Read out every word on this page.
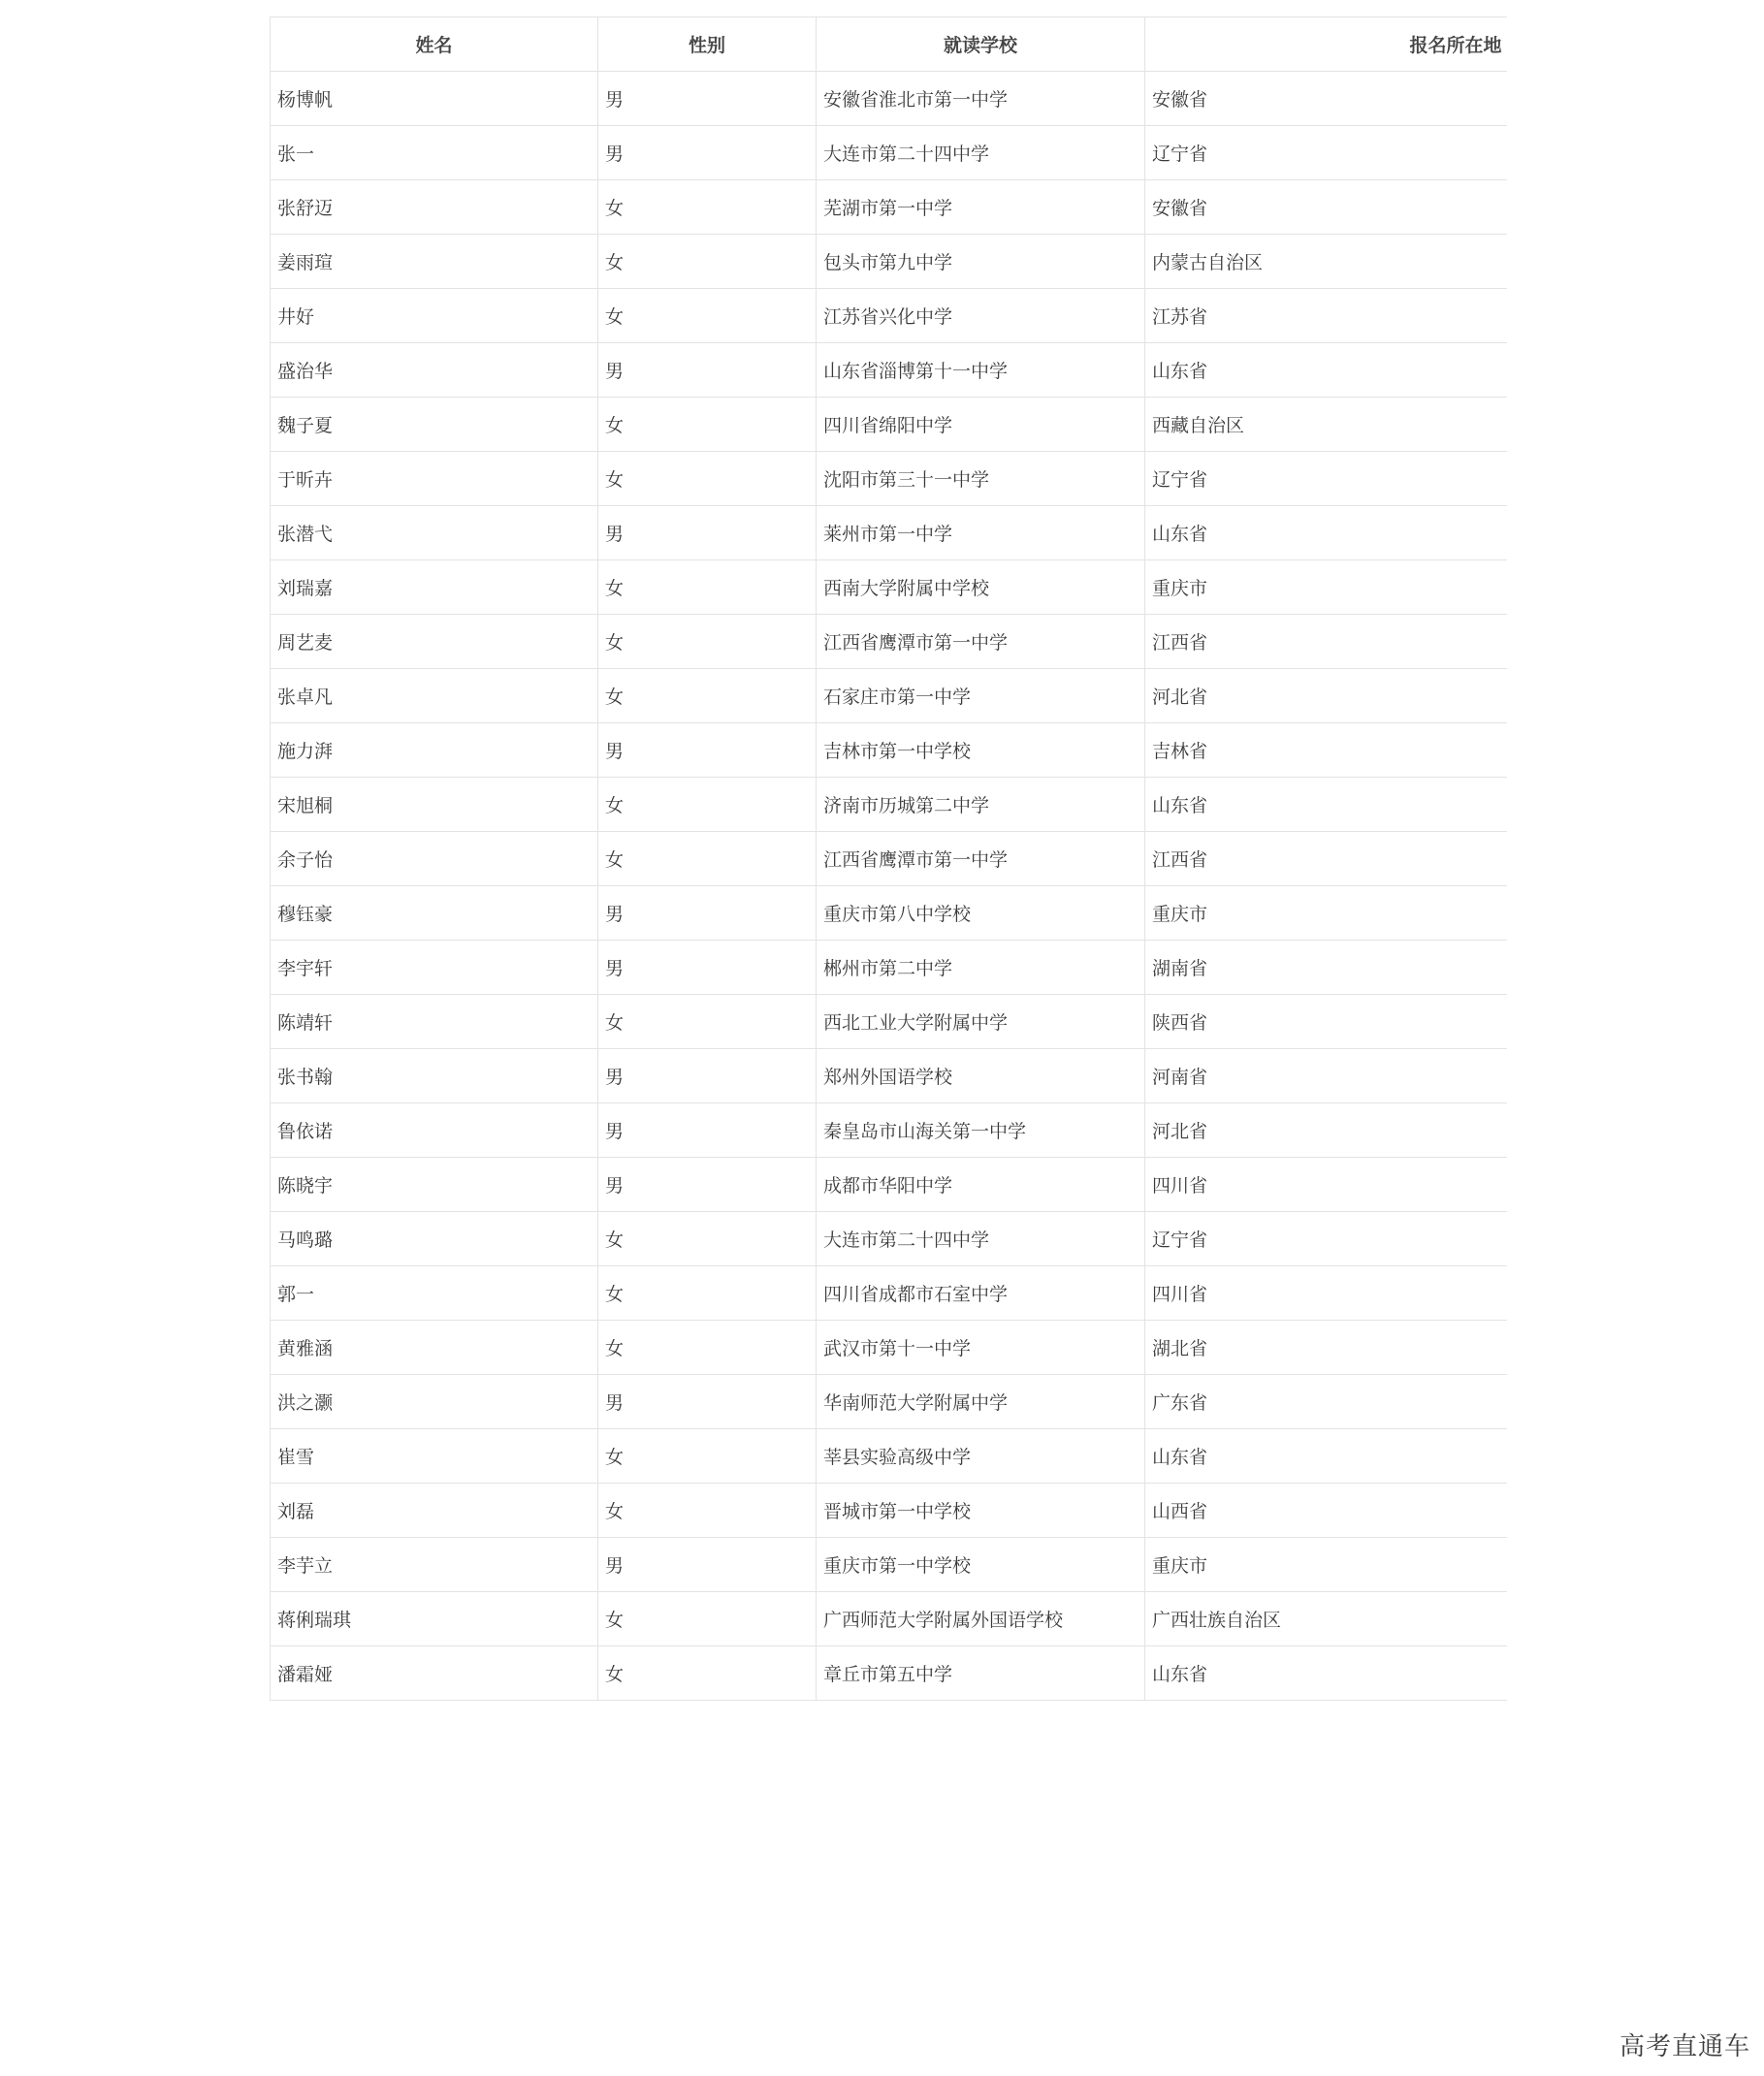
姓名	性别	就读学校	报名所在地
杨博帆	男	安徽省淮北市第一中学	安徽省
张一	男	大连市第二十四中学	辽宁省
张舒迈	女	芜湖市第一中学	安徽省
姜雨瑄	女	包头市第九中学	内蒙古自治区
井好	女	江苏省兴化中学	江苏省
盛治华	男	山东省淄博第十一中学	山东省
魏子夏	女	四川省绵阳中学	西藏自治区
于昕卉	女	沈阳市第三十一中学	辽宁省
张潜弋	男	莱州市第一中学	山东省
刘瑞嘉	女	西南大学附属中学校	重庆市
周艺麦	女	江西省鹰潭市第一中学	江西省
张卓凡	女	石家庄市第一中学	河北省
施力湃	男	吉林市第一中学校	吉林省
宋旭桐	女	济南市历城第二中学	山东省
余子怡	女	江西省鹰潭市第一中学	江西省
穆钰豪	男	重庆市第八中学校	重庆市
李宇轩	男	郴州市第二中学	湖南省
陈靖轩	女	西北工业大学附属中学	陕西省
张书翰	男	郑州外国语学校	河南省
鲁依诺	男	秦皇岛市山海关第一中学	河北省
陈晓宇	男	成都市华阳中学	四川省
马鸣璐	女	大连市第二十四中学	辽宁省
郭一	女	四川省成都市石室中学	四川省
黄雅涵	女	武汉市第十一中学	湖北省
洪之灏	男	华南师范大学附属中学	广东省
崔雪	女	莘县实验高级中学	山东省
刘磊	女	晋城市第一中学校	山西省
李芋立	男	重庆市第一中学校	重庆市
蒋俐瑞琪	女	广西师范大学附属外国语学校	广西壮族自治区
潘霜娅	女	章丘市第五中学	山东省
高考直通车
